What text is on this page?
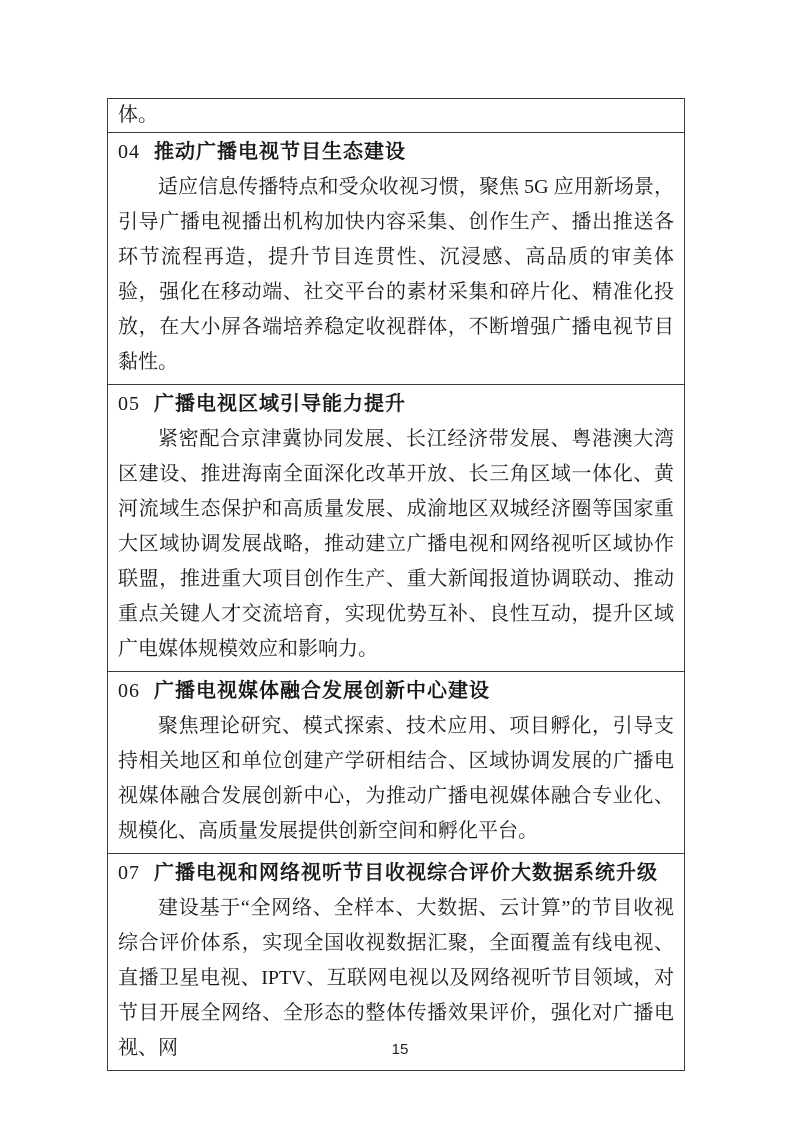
体。
04 推动广播电视节目生态建设

适应信息传播特点和受众收视习惯，聚焦 5G 应用新场景，引导广播电视播出机构加快内容采集、创作生产、播出推送各环节流程再造，提升节目连贯性、沉浸感、高品质的审美体验，强化在移动端、社交平台的素材采集和碎片化、精准化投放，在大小屏各端培养稳定收视群体，不断增强广播电视节目黏性。

05 广播电视区域引导能力提升

紧密配合京津冀协同发展、长江经济带发展、粤港澳大湾区建设、推进海南全面深化改革开放、长三角区域一体化、黄河流域生态保护和高质量发展、成渝地区双城经济圈等国家重大区域协调发展战略，推动建立广播电视和网络视听区域协作联盟，推进重大项目创作生产、重大新闻报道协调联动、推动重点关键人才交流培育，实现优势互补、良性互动，提升区域广电媒体规模效应和影响力。

06 广播电视媒体融合发展创新中心建设

聚焦理论研究、模式探索、技术应用、项目孵化，引导支持相关地区和单位创建产学研相结合、区域协调发展的广播电视媒体融合发展创新中心，为推动广播电视媒体融合专业化、规模化、高质量发展提供创新空间和孵化平台。

07 广播电视和网络视听节目收视综合评价大数据系统升级

建设基于“全网络、全样本、大数据、云计算”的节目收视综合评价体系，实现全国收视数据汇聚，全面覆盖有线电视、直播卫星电视、IPTV、互联网电视以及网络视听节目领域，对节目开展全网络、全形态的整体传播效果评价，强化对广播电视、网	15
